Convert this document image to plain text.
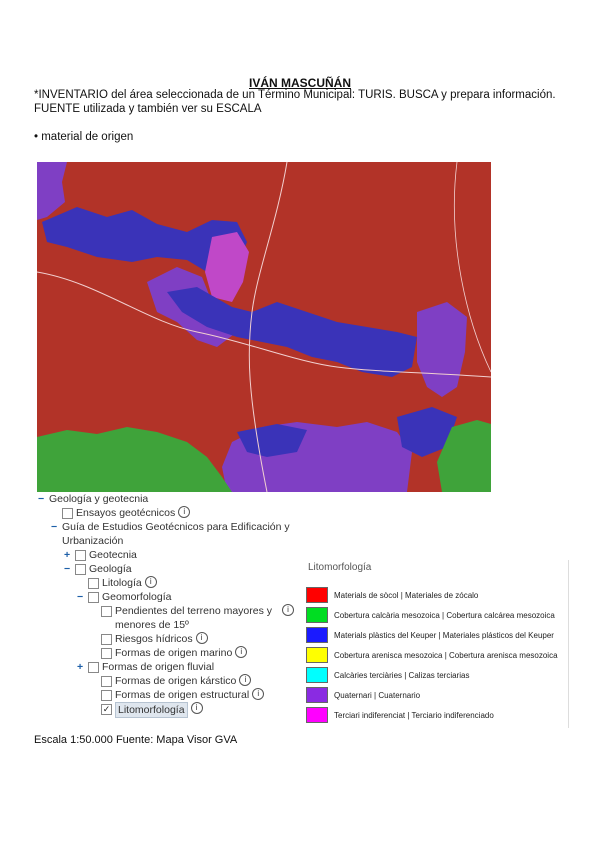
IVÁN MASCUÑÁN
*INVENTARIO del área seleccionada de un Término Municipal: TURIS. BUSCA y prepara información.
FUENTE utilizada y también ver su ESCALA
• material de origen
− Geología y geotecnia
Ensayos geotécnicos	i
− Guía de Estudios Geotécnicos para Edificación y Urbanización
+ Geotecnia
− Geología
Litología	i
− Geomorfología
Pendientes del terreno mayores y menores de 15º
i
Riesgos hídricos	i
Formas de origen marino	i
+ Formas de origen fluvial
Formas de origen kárstico	i
Formas de origen estructural	i
✓ Litomorfología	i
Litomorfología
Materials de sòcol | Materiales de zócalo
Cobertura calcària mesozoica | Cobertura calcárea mesozoica
Materials plàstics del Keuper | Materiales plásticos del Keuper
Cobertura arenisca mesozoica | Cobertura arenisca mesozoica
Calcàries terciàries | Calizas terciarias
Quaternari | Cuaternario
Terciari indiferenciat | Terciario indiferenciado
Escala 1:50.000 Fuente: Mapa Visor GVA
